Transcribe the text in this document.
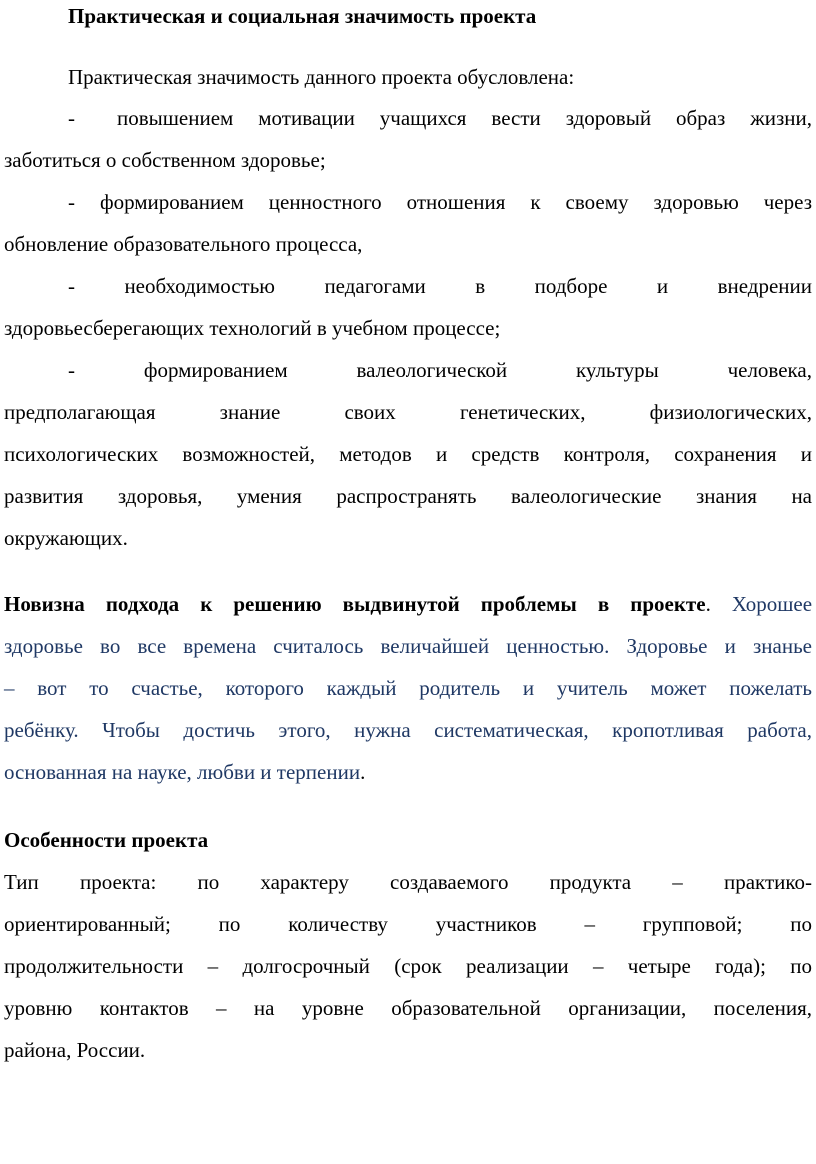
Практическая и социальная значимость проекта
Практическая значимость данного проекта обусловлена:
- повышением мотивации учащихся вести здоровый образ жизни,
заботиться о собственном здоровье;
- формированием ценностного отношения к своему здоровью через
обновление образовательного процесса,
- необходимостью педагогами в подборе и внедрении
здоровьесберегающих технологий в учебном процессе;
- формированием валеологической культуры человека,
предполагающая знание своих генетических, физиологических,
психологических возможностей, методов и средств контроля, сохранения и
развития здоровья, умения распространять валеологические знания на
окружающих.
Новизна подхода к решению выдвинутой проблемы в проекте. Хорошее
здоровье во все времена считалось величайшей ценностью. Здоровье и знанье
– вот то счастье, которого каждый родитель и учитель может пожелать
ребёнку. Чтобы достичь этого, нужна систематическая, кропотливая работа,
основанная на науке, любви и терпении.
Особенности проекта
Тип проекта: по характеру создаваемого продукта – практико-
ориентированный; по количеству участников – групповой; по
продолжительности – долгосрочный (срок реализации – четыре года); по
уровню контактов – на уровне образовательной организации, поселения,
района, России.
